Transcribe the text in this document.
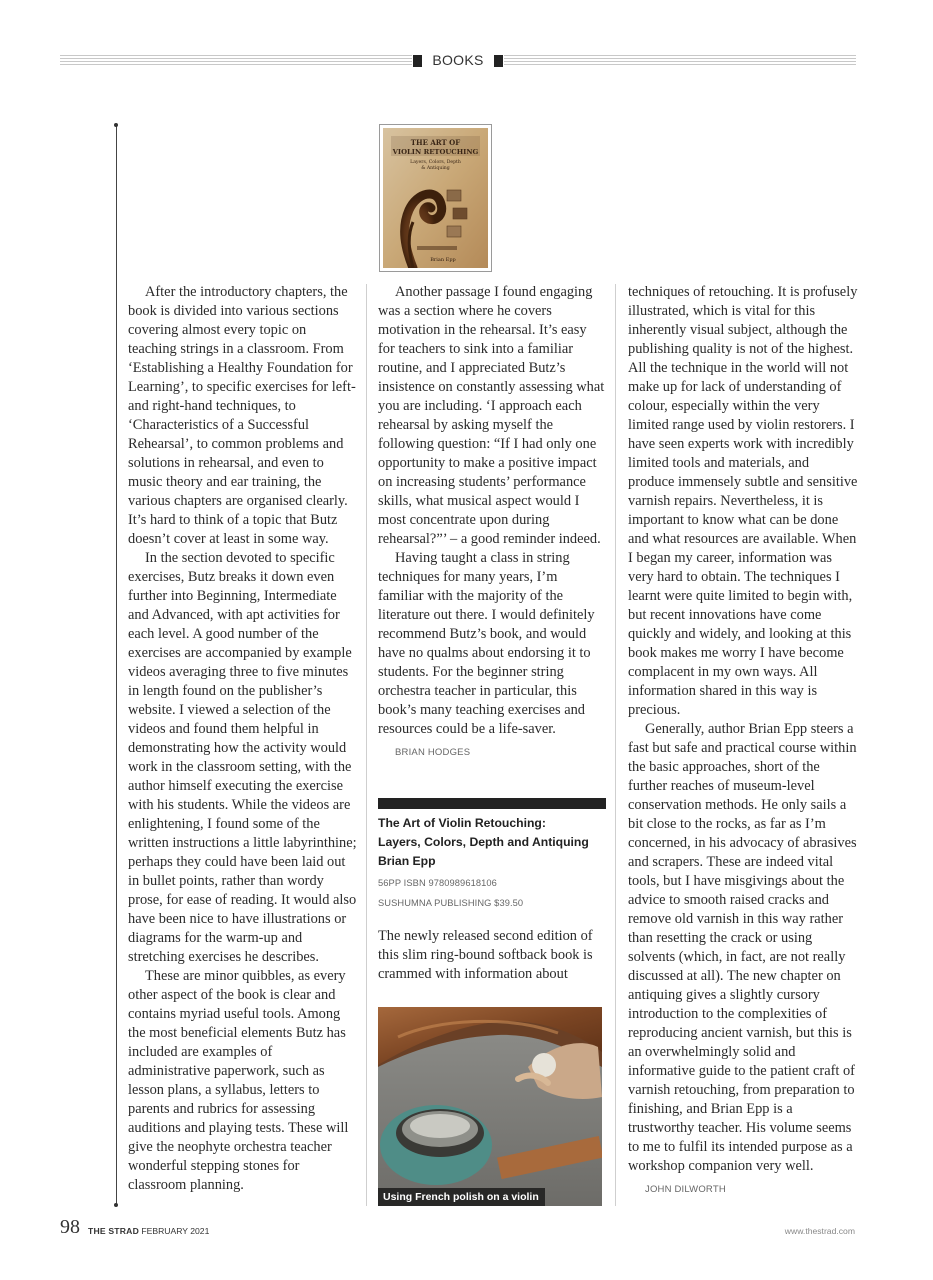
BOOKS
THE ART OF
VIOLIN RETOUCHING
Layers, Colors, Depth
& Antiquing
Brian Epp

After the introductory chapters, the book is divided into various sections covering almost every topic on teaching strings in a classroom. From ‘Establishing a Healthy Foundation for Learning’, to specific exercises for left- and right-hand techniques, to ‘Characteristics of a Successful Rehearsal’, to common problems and solutions in rehearsal, and even to music theory and ear training, the various chapters are organised clearly. It’s hard to think of a topic that Butz doesn’t cover at least in some way.

In the section devoted to specific exercises, Butz breaks it down even further into Beginning, Intermediate and Advanced, with apt activities for each level. A good number of the exercises are accompanied by example videos averaging three to five minutes in length found on the publisher’s website. I viewed a selection of the videos and found them helpful in demonstrating how the activity would work in the classroom setting, with the author himself executing the exercise with his students. While the videos are enlightening, I found some of the written instructions a little labyrinthine; perhaps they could have been laid out in bullet points, rather than wordy prose, for ease of reading. It would also have been nice to have illustrations or diagrams for the warm-up and stretching exercises he describes.

These are minor quibbles, as every other aspect of the book is clear and contains myriad useful tools. Among the most beneficial elements Butz has included are examples of administrative paperwork, such as lesson plans, a syllabus, letters to parents and rubrics for assessing auditions and playing tests. These will give the neophyte orchestra teacher wonderful stepping stones for classroom planning.

Another passage I found engaging was a section where he covers motivation in the rehearsal. It’s easy for teachers to sink into a familiar routine, and I appreciated Butz’s insistence on constantly assessing what you are including. ‘I approach each rehearsal by asking myself the following question: “If I had only one opportunity to make a positive impact on increasing students’ performance skills, what musical aspect would I most concentrate upon during rehearsal?”’ – a good reminder indeed.

Having taught a class in string techniques for many years, I’m familiar with the majority of the literature out there. I would definitely recommend Butz’s book, and would have no qualms about endorsing it to students. For the beginner string orchestra teacher in particular, this book’s many teaching exercises and resources could be a life-saver.

BRIAN HODGES

The Art of Violin Retouching:
Layers, Colors, Depth and Antiquing
Brian Epp
56PP ISBN 9780989618106
SUSHUMNA PUBLISHING $39.50
The newly released second edition of this slim ring-bound softback book is crammed with information about
Using French polish on a violin

techniques of retouching. It is profusely illustrated, which is vital for this inherently visual subject, although the publishing quality is not of the highest. All the technique in the world will not make up for lack of understanding of colour, especially within the very limited range used by violin restorers. I have seen experts work with incredibly limited tools and materials, and produce immensely subtle and sensitive varnish repairs. Nevertheless, it is important to know what can be done and what resources are available. When I began my career, information was very hard to obtain. The techniques I learnt were quite limited to begin with, but recent innovations have come quickly and widely, and looking at this book makes me worry I have become complacent in my own ways. All information shared in this way is precious.

Generally, author Brian Epp steers a fast but safe and practical course within the basic approaches, short of the further reaches of museum-level conservation methods. He only sails a bit close to the rocks, as far as I’m concerned, in his advocacy of abrasives and scrapers. These are indeed vital tools, but I have misgivings about the advice to smooth raised cracks and remove old varnish in this way rather than resetting the crack or using solvents (which, in fact, are not really discussed at all). The new chapter on antiquing gives a slightly cursory introduction to the complexities of reproducing ancient varnish, but this is an overwhelmingly solid and informative guide to the patient craft of varnish retouching, from preparation to finishing, and Brian Epp is a trustworthy teacher. His volume seems to me to fulfil its intended purpose as a workshop companion very well.

JOHN DILWORTH

98 THE STRAD FEBRUARY 2021	www.thestrad.com
